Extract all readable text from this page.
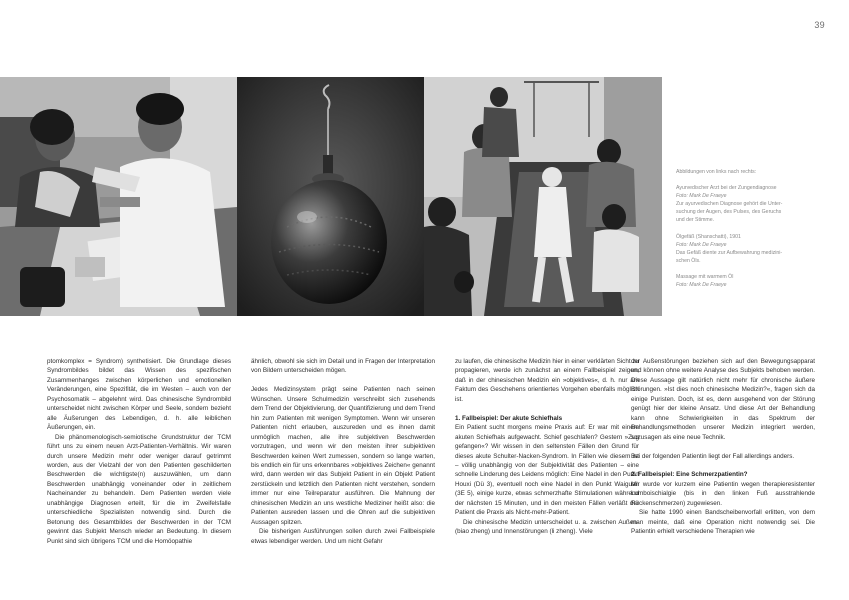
39

Abbildungen von links nach rechts:

Ayurvedischer Arzt bei der Zungendiagnose

Foto: Mark De Fraeye

Zur ayurvedischen Diagnose gehört die Unter-

suchung der Augen, des Pulses, des Geruchs

und der Stimme.

Ölgefäß (Shanschatti), 1901

Foto: Mark De Fraeye

Das Gefäß diente zur Aufbewahrung medizini-

schen Öls.

Massage mit warmem Öl

Foto: Mark De Fraeye

ptomkomplex = Syndrom) synthetisiert. Die Grundlage dieses Syndrombildes bildet das Wissen des spezifischen Zusammenhanges zwischen körperlichen und emotionellen Veränderungen, eine Spezifität, die im Westen – auch von der Psychosomatik – abgelehnt wird. Das chinesische Syndrombild unterscheidet nicht zwischen Körper und Seele, sondern bezieht alle Äußerungen des Lebendigen, d. h. alle leiblichen Äußerungen, ein.

Die phänomenologisch-semiotische Grundstruktur der TCM führt uns zu einem neuen Arzt-Patienten-Verhältnis. Wir waren durch unsere Medizin mehr oder weniger darauf getrimmt worden, aus der Vielzahl der von den Patienten geschilderten Beschwerden die wichtigste(n) auszuwählen, um dann Beschwerden unabhängig voneinander oder in zeitlichem Nacheinander zu behandeln. Dem Patienten werden viele unabhängige Diagnosen erteilt, für die im Zweifelsfalle unterschiedliche Spezialisten notwendig sind. Durch die Betonung des Gesamtbildes der Beschwerden in der TCM gewinnt das Subjekt Mensch wieder an Bedeutung. In diesem Punkt sind sich übrigens TCM und die Homöopathie

ähnlich, obwohl sie sich im Detail und in Fragen der Interpretation von Bildern unterscheiden mögen.

Jedes Medizinsystem prägt seine Patienten nach seinen Wünschen. Unsere Schulmedizin verschreibt sich zusehends dem Trend der Objektivierung, der Quantifizierung und dem Trend hin zum Patienten mit wenigen Symptomen. Wenn wir unseren Patienten nicht erlauben, auszureden und es ihnen damit unmöglich machen, alle ihre subjektiven Beschwerden vorzutragen, und wenn wir den meisten ihrer subjektiven Beschwerden keinen Wert zumessen, sondern so lange warten, bis endlich ein für uns erkennbares »objektives Zeichen« genannt wird, dann werden wir das Subjekt Patient in ein Objekt Patient zerstückeln und letztlich den Patienten nicht verstehen, sondern immer nur eine Teilreparatur ausführen. Die Mahnung der chinesischen Medizin an uns westliche Mediziner heißt also: die Patienten ausreden lassen und die Ohren auf die subjektiven Aussagen spitzen.

Die bisherigen Ausführungen sollen durch zwei Fallbeispiele etwas lebendiger werden. Und um nicht Gefahr

zu laufen, die chinesische Medizin hier in einer verklärten Sicht zu propagieren, werde ich zunächst an einem Fallbeispiel zeigen, daß in der chinesischen Medizin ein »objektives«, d. h. nur am Faktum des Geschehens orientiertes Vorgehen ebenfalls möglich ist.

1. Fallbeispiel: Der akute Schiefhals

Ein Patient sucht morgens meine Praxis auf: Er war mit einem akuten Schiefhals aufgewacht. Schief geschlafen? Gestern »Zug gefangen«? Wir wissen in den seltensten Fällen den Grund für dieses akute Schulter-Nacken-Syndrom. In Fällen wie diesem ist – völlig unabhängig von der Subjektivität des Patienten – eine schnelle Linderung des Leidens möglich: Eine Nadel in den Punkt Houxi (Dü 3), eventuell noch eine Nadel in den Punkt Waiguan (3E 5), einige kurze, etwas schmerzhafte Stimulationen während der nächsten 15 Minuten, und in den meisten Fällen verläßt der Patient die Praxis als Nicht-mehr-Patient.

Die chinesische Medizin unterscheidet u. a. zwischen Außen- (biao zheng) und Innenstörungen (li zheng). Viele

der Außenstörungen beziehen sich auf den Bewegungsapparat und können ohne weitere Analyse des Subjekts behoben werden. Diese Aussage gilt natürlich nicht mehr für chronische äußere Störungen. »Ist dies noch chinesische Medizin?«, fragen sich da einige Puristen. Doch, ist es, denn ausgehend von der Störung genügt hier der kleine Ansatz. Und diese Art der Behandlung kann ohne Schwierigkeiten in das Spektrum der Behandlungsmethoden unserer Medizin integriert werden, sozusagen als eine neue Technik.

Bei der folgenden Patientin liegt der Fall allerdings anders.

2. Fallbeispiel: Eine Schmerzpatientin?

Mir wurde vor kurzem eine Patientin wegen therapieresistenter Lumboischialgie (bis in den linken Fuß ausstrahlende Rückenschmerzen) zugewiesen.

Sie hatte 1990 einen Bandscheibenvorfall erlitten, von dem man meinte, daß eine Operation nicht notwendig sei. Die Patientin erhielt verschiedene Therapien wie
